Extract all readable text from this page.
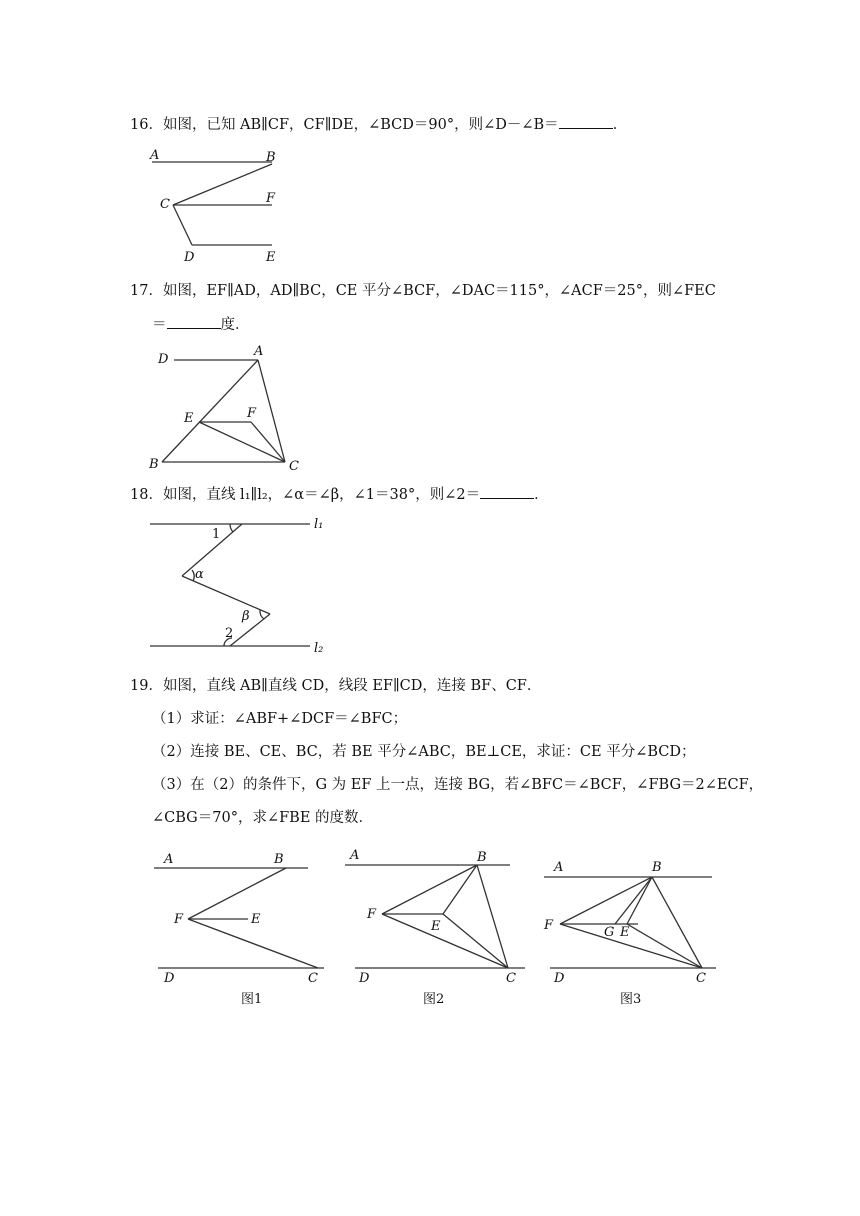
16．如图，已知 AB∥CF，CF∥DE，∠BCD＝90°，则∠D－∠B＝	．
A	B
C	F
D	E
17．如图，EF∥AD，AD∥BC，CE 平分∠BCF，∠DAC＝115°，∠ACF＝25°，则∠FEC
＝	度．
D
A
E	F
B	C
18．如图，直线 l₁∥l₂，∠α＝∠β，∠1＝38°，则∠2＝	．
1
α
β
2
l₁
l₂
19．如图，直线 AB∥直线 CD，线段 EF∥CD，连接 BF、CF．
（1）求证：∠ABF+∠DCF＝∠BFC；
（2）连接 BE、CE、BC，若 BE 平分∠ABC，BE⊥CE，求证：CE 平分∠BCD；
（3）在（2）的条件下，G 为 EF 上一点，连接 BG，若∠BFC＝∠BCF，∠FBG＝2∠ECF，
∠CBG＝70°，求∠FBE 的度数．
A	B
F	E
D	C
图1
A	B
F
E
D	C
图2
A	B
F	G E
D	C
图3
